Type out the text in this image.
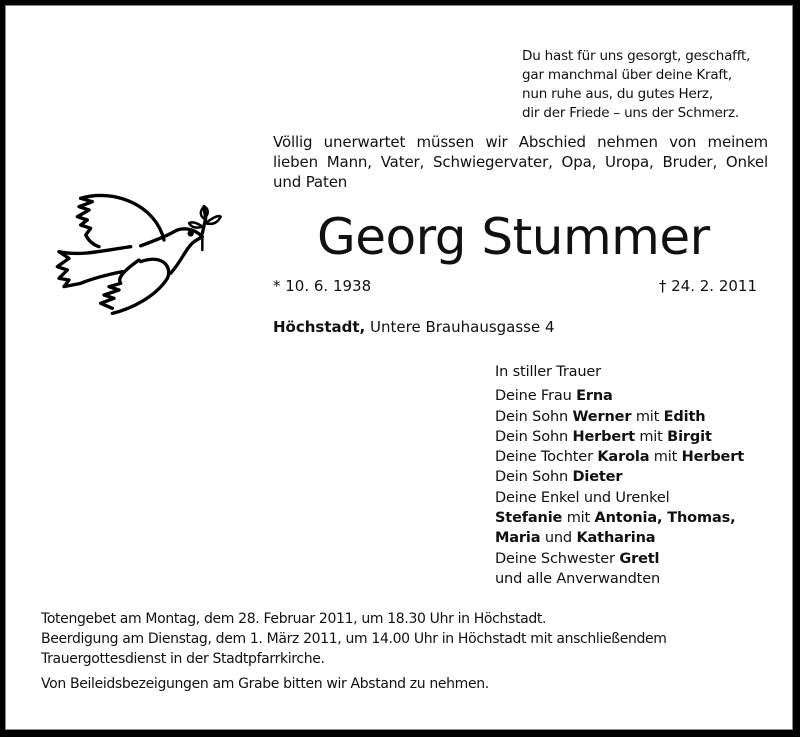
Du hast für uns gesorgt, geschafft,
gar manchmal über deine Kraft,
nun ruhe aus, du gutes Herz,
dir der Friede – uns der Schmerz.
Völlig unerwartet müssen wir Abschied nehmen von meinem
lieben Mann, Vater, Schwiegervater, Opa, Uropa, Bruder, Onkel
und Paten
Georg Stummer
* 10. 6. 1938	† 24. 2. 2011
Höchstadt, Untere Brauhausgasse 4
In stiller Trauer
Deine Frau Erna
Dein Sohn Werner mit Edith
Dein Sohn Herbert mit Birgit
Deine Tochter Karola mit Herbert
Dein Sohn Dieter
Deine Enkel und Urenkel
Stefanie mit Antonia, Thomas,
Maria und Katharina
Deine Schwester Gretl
und alle Anverwandten
Totengebet am Montag, dem 28. Februar 2011, um 18.30 Uhr in Höchstadt.
Beerdigung am Dienstag, dem 1. März 2011, um 14.00 Uhr in Höchstadt mit anschließendem
Trauergottesdienst in der Stadtpfarrkirche.
Von Beileidsbezeigungen am Grabe bitten wir Abstand zu nehmen.
